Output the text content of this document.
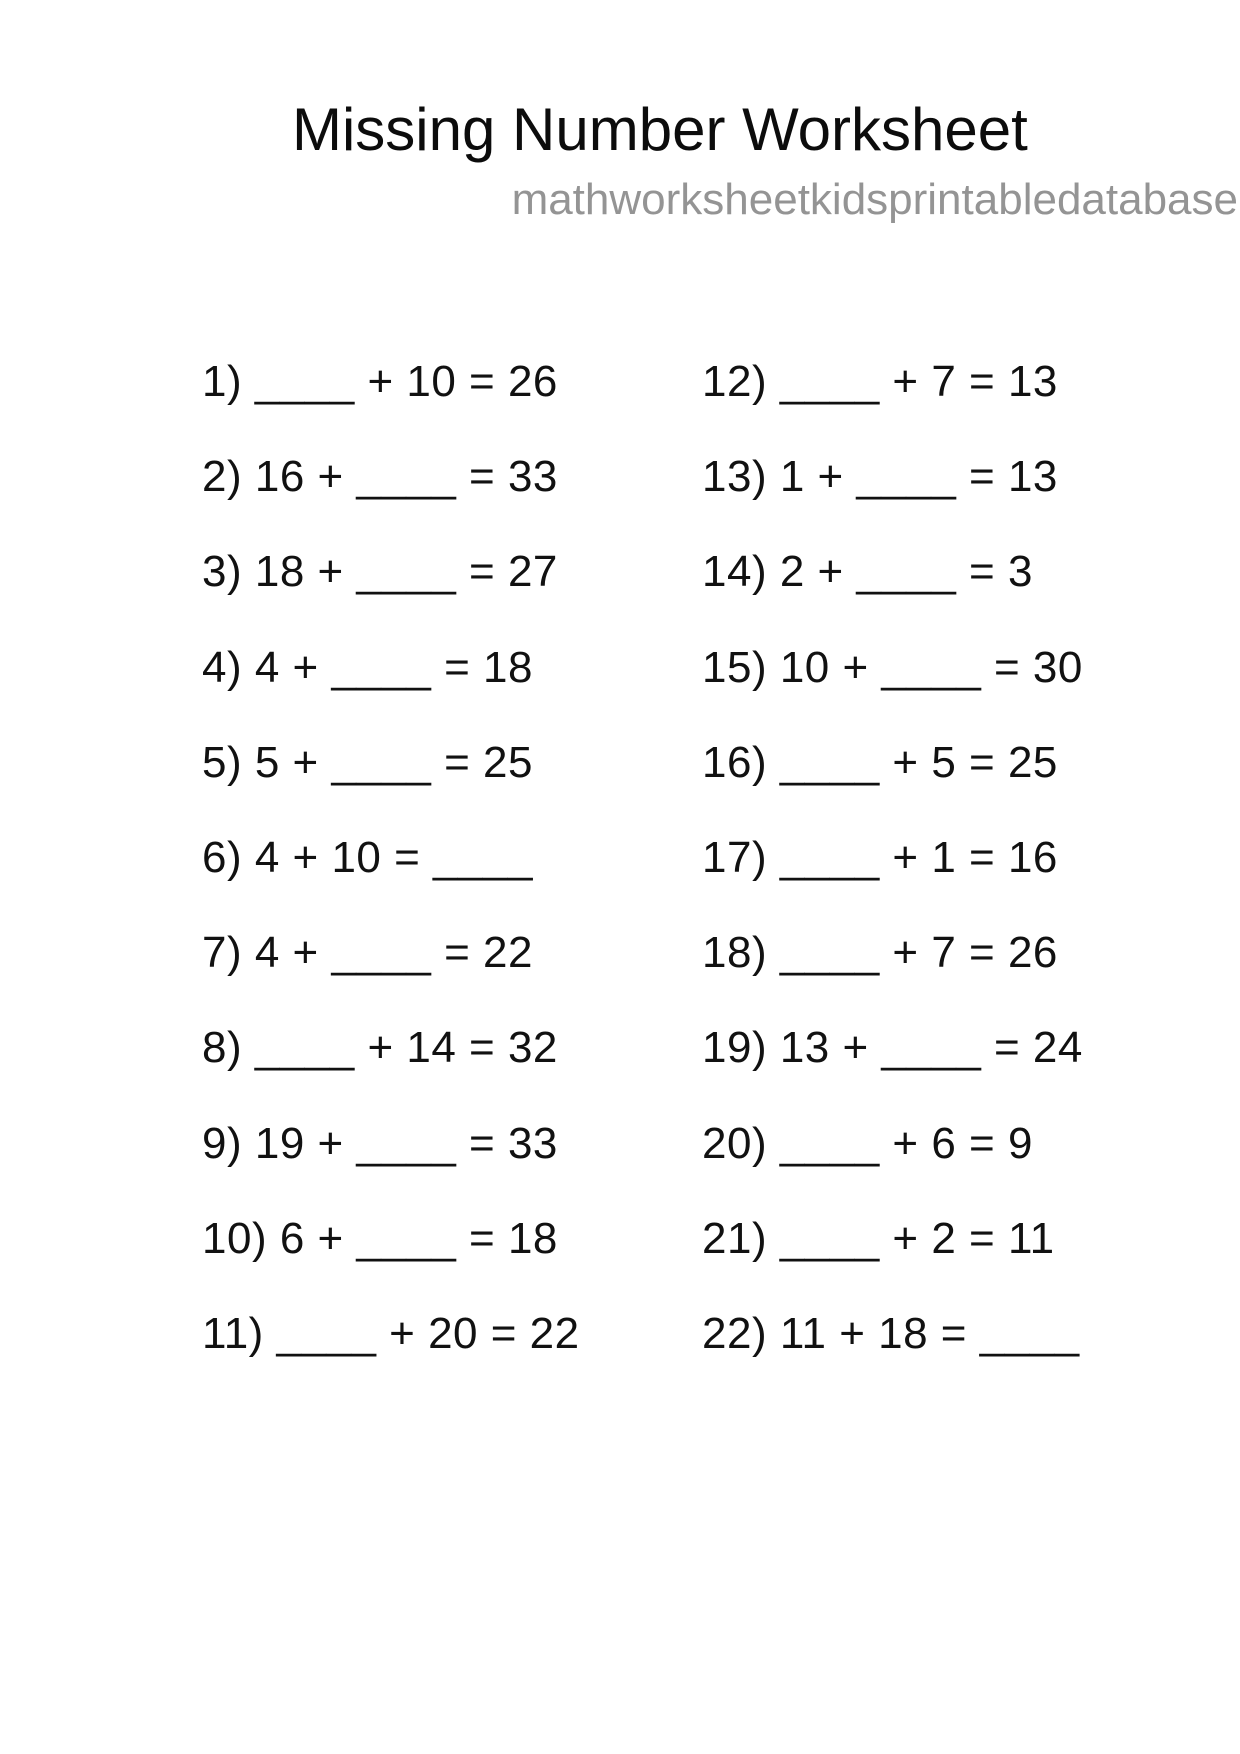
Missing Number Worksheet
mathworksheetkidsprintabledatabase
1) ____ + 10 = 26
2) 16 + ____ = 33
3) 18 + ____ = 27
4) 4 + ____ = 18
5) 5 + ____ = 25
6) 4 + 10 = ____
7) 4 + ____ = 22
8) ____ + 14 = 32
9) 19 + ____ = 33
10) 6 + ____ = 18
11) ____ + 20 = 22
12) ____ + 7 = 13
13) 1 + ____ = 13
14) 2 + ____ = 3
15) 10 + ____ = 30
16) ____ + 5 = 25
17) ____ + 1 = 16
18) ____ + 7 = 26
19) 13 + ____ = 24
20) ____ + 6 = 9
21) ____ + 2 = 11
22) 11 + 18 = ____
